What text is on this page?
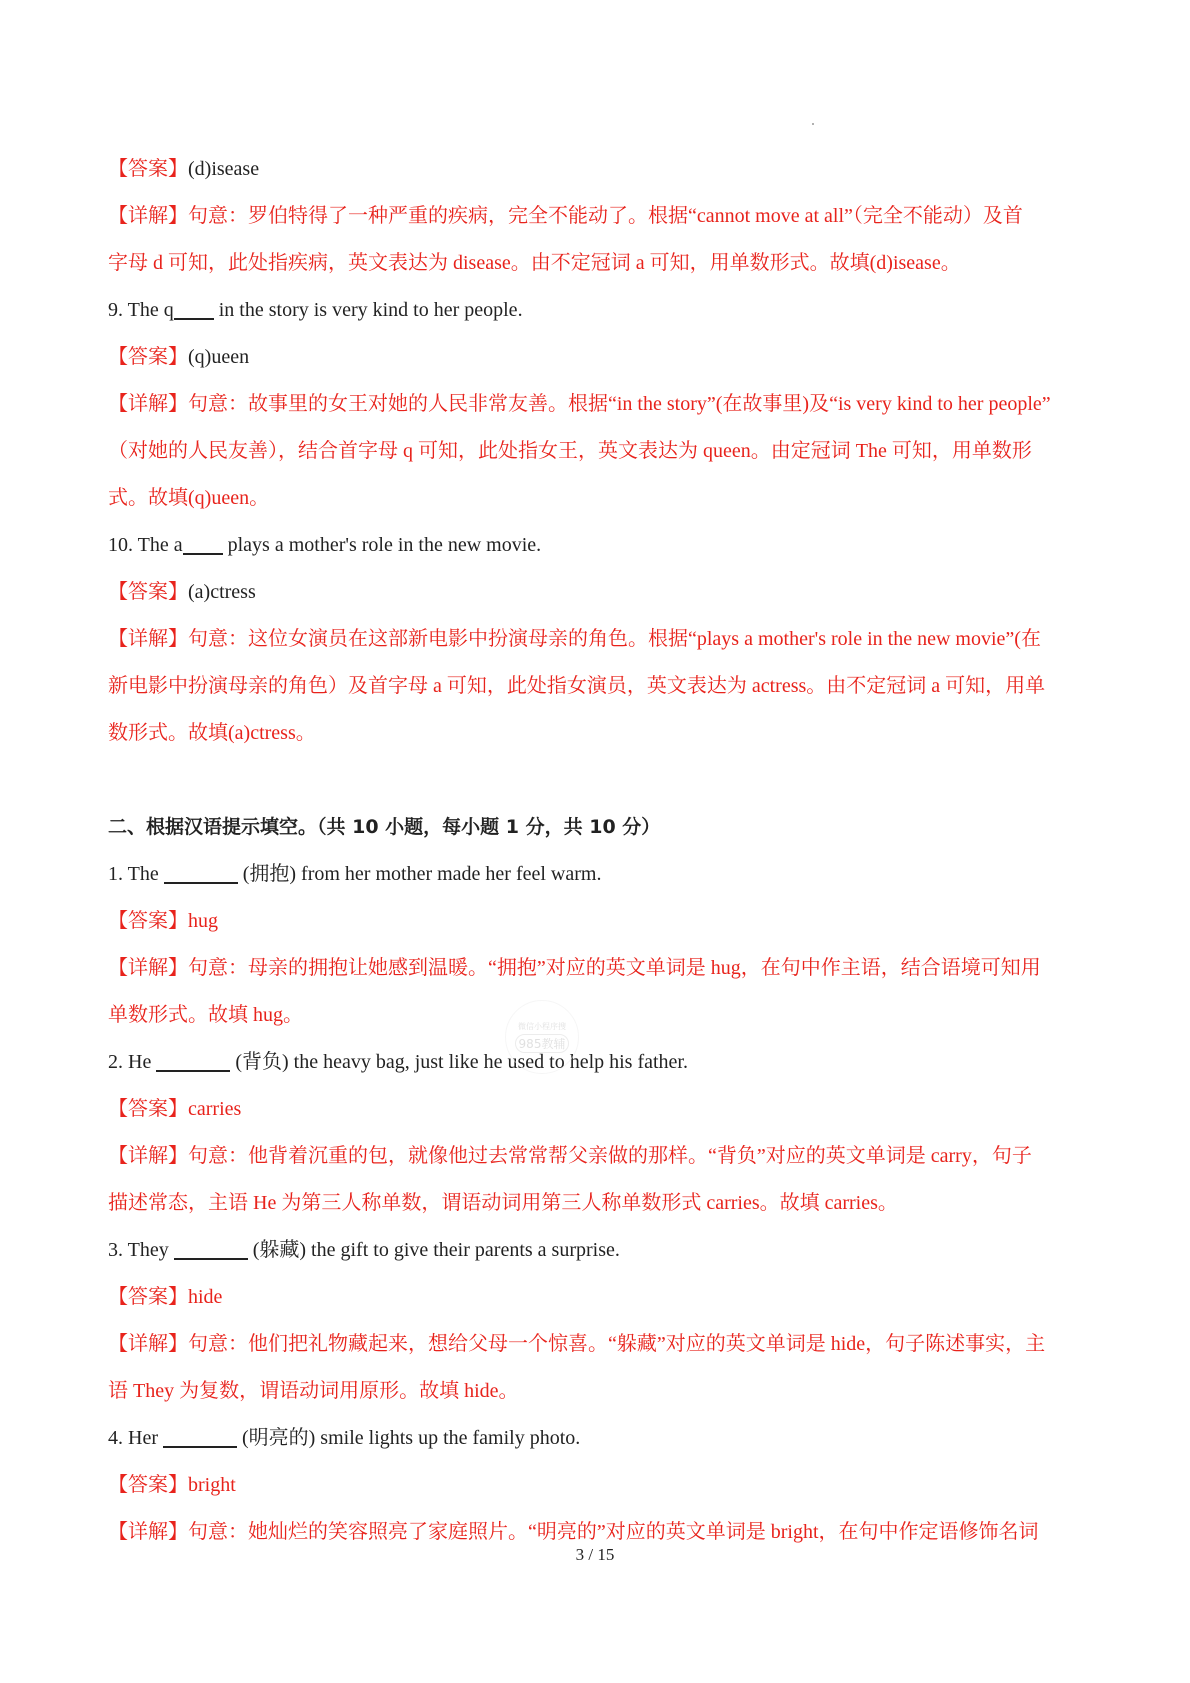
【答案】(d)isease
【详解】句意：罗伯特得了一种严重的疾病，完全不能动了。根据“cannot move at all”（完全不能动）及首
字母 d 可知，此处指疾病，英文表达为 disease。由不定冠词 a 可知，用单数形式。故填(d)isease。
9. The q in the story is very kind to her people.
【答案】(q)ueen
【详解】句意：故事里的女王对她的人民非常友善。根据“in the story”(在故事里)及“is very kind to her people”
（对她的人民友善），结合首字母 q 可知，此处指女王，英文表达为 queen。由定冠词 The 可知，用单数形
式。故填(q)ueen。
10. The a plays a mother's role in the new movie.
【答案】(a)ctress
【详解】句意：这位女演员在这部新电影中扮演母亲的角色。根据“plays a mother's role in the new movie”(在
新电影中扮演母亲的角色）及首字母 a 可知，此处指女演员，英文表达为 actress。由不定冠词 a 可知，用单
数形式。故填(a)ctress。
二、根据汉语提示填空。（共 10 小题，每小题 1 分，共 10 分）
1. The	(拥抱) from her mother made her feel warm.
【答案】hug
【详解】句意：母亲的拥抱让她感到温暖。“拥抱”对应的英文单词是 hug，在句中作主语，结合语境可知用
单数形式。故填 hug。
2. He	(背负) the heavy bag, just like he used to help his father.
【答案】carries
【详解】句意：他背着沉重的包，就像他过去常常帮父亲做的那样。“背负”对应的英文单词是 carry，句子
描述常态，主语 He 为第三人称单数，谓语动词用第三人称单数形式 carries。故填 carries。
3. They	(躲藏) the gift to give their parents a surprise.
【答案】hide
【详解】句意：他们把礼物藏起来，想给父母一个惊喜。“躲藏”对应的英文单词是 hide，句子陈述事实，主
语 They 为复数，谓语动词用原形。故填 hide。
4. Her	(明亮的) smile lights up the family photo.
【答案】bright
【详解】句意：她灿烂的笑容照亮了家庭照片。“明亮的”对应的英文单词是 bright，在句中作定语修饰名词
微信小程序搜
985教辅
3 / 15
